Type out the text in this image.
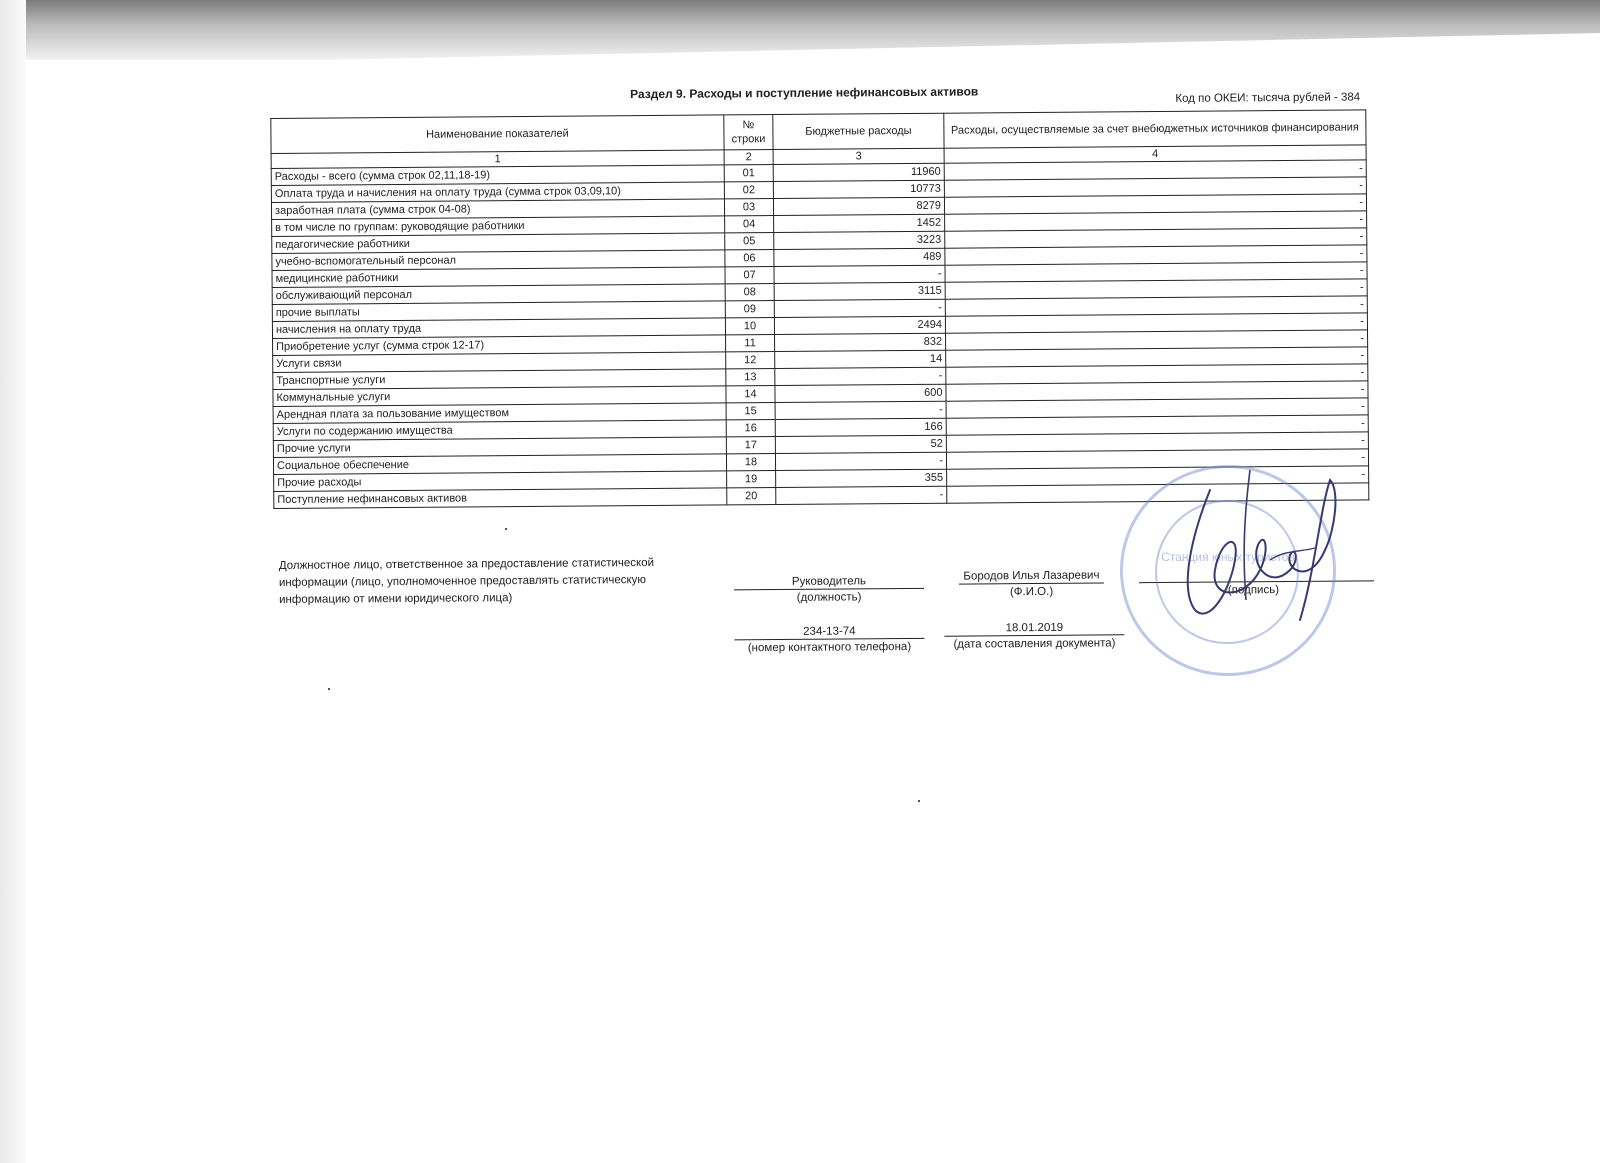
Раздел 9. Расходы и поступление нефинансовых активов	Код по ОКЕИ: тысяча рублей - 384
Наименование показателей	№ строки	Бюджетные расходы	Расходы, осуществляемые за счет внебюджетных источников финансирования
1	2	3	4
Расходы - всего (сумма строк 02,11,18-19)	01	11960	-
Оплата труда и начисления на оплату труда (сумма строк 03,09,10)	02	10773	-
заработная плата (сумма строк 04-08)	03	8279	-
в том числе по группам: руководящие работники	04	1452	-
педагогические работники	05	3223	-
учебно-вспомогательный персонал	06	489	-
медицинские работники	07	-	-
обслуживающий персонал	08	3115	-
прочие выплаты	09	-	-
начисления на оплату труда	10	2494	-
Приобретение услуг (сумма строк 12-17)	11	832	-
Услуги связи	12	14	-
Транспортные услуги	13	-	-
Коммунальные услуги	14	600	-
Арендная плата за пользование имуществом	15	-	-
Услуги по содержанию имущества	16	166	-
Прочие услуги	17	52	-
Социальное обеспечение	18	-	-
Прочие расходы	19	355	-
Поступление нефинансовых активов	20	-	
Должностное лицо, ответственное за предоставление статистической информации (лицо, уполномоченное предоставлять статистическую информацию от имени юридического лица)
Руководитель
(должность)
Бородов Илья Лазаревич
(Ф.И.О.)	(подпись)
234-13-74
(номер контактного телефона)
18.01.2019
(дата составления документа)
Станция юных туристов
